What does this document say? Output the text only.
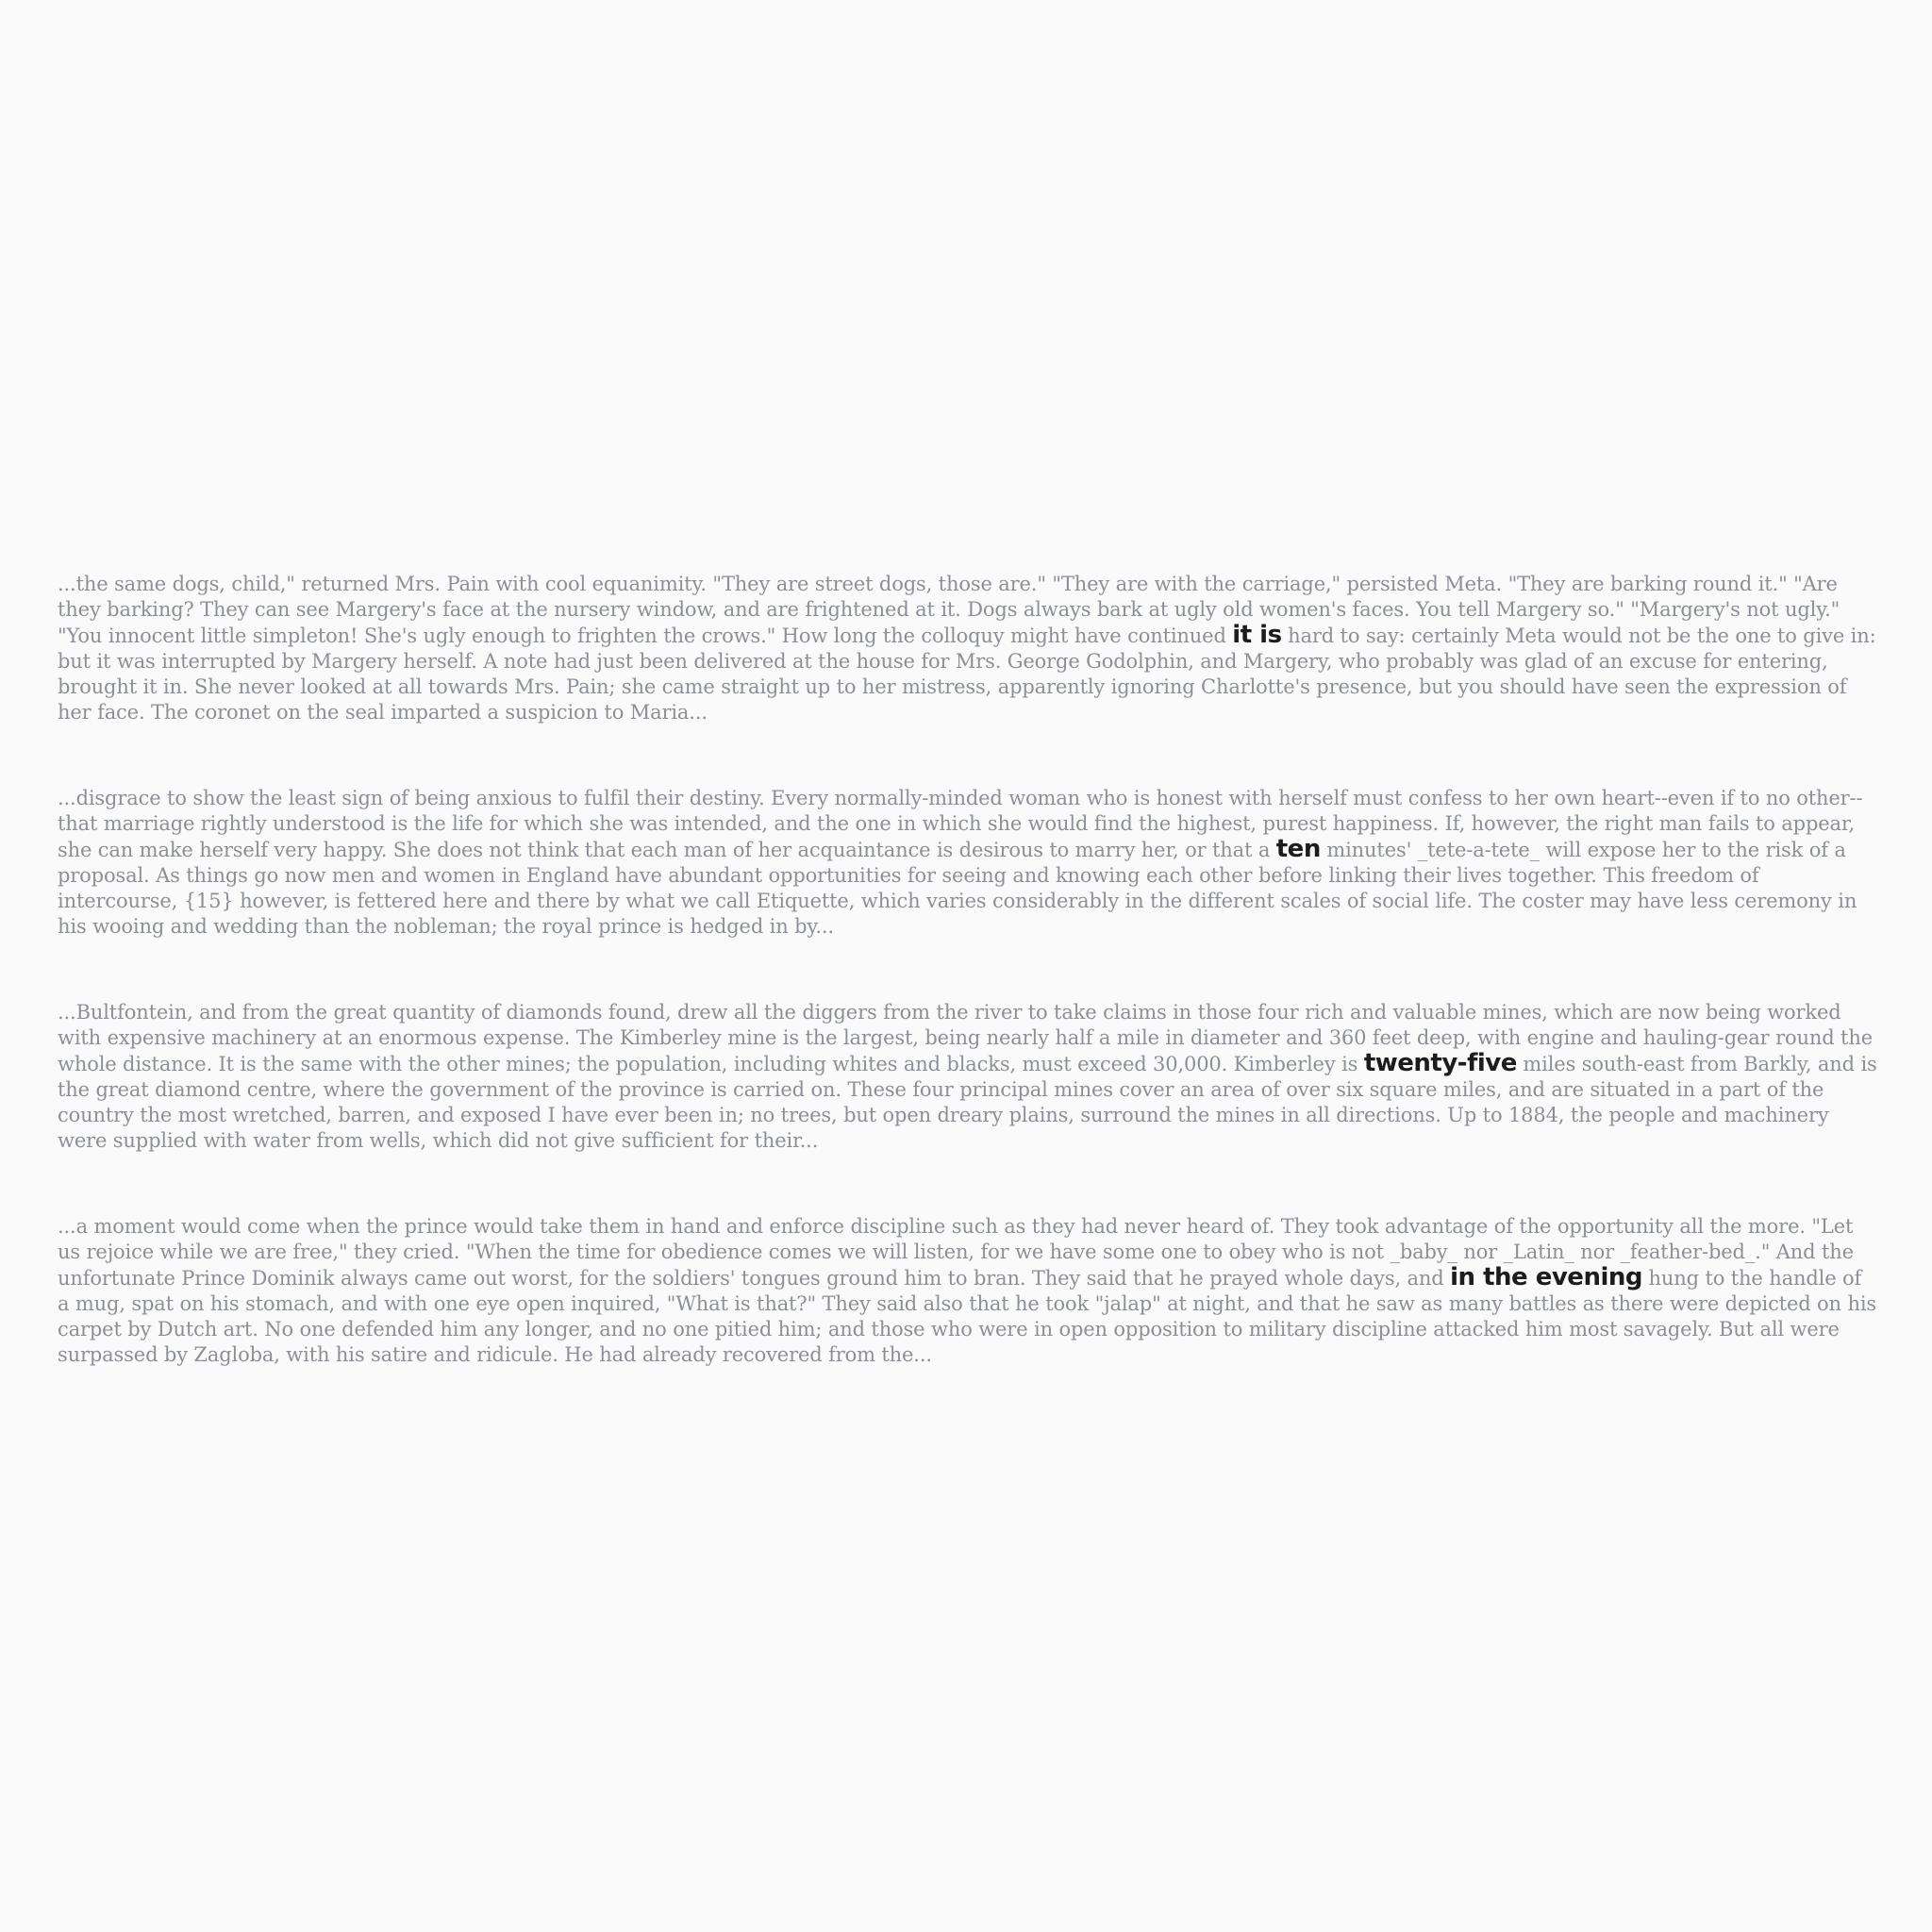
...the same dogs, child," returned Mrs. Pain with cool equanimity. "They are street dogs, those are." "They are with the carriage," persisted Meta. "They are barking round it." "Are they barking? They can see Margery's face at the nursery window, and are frightened at it. Dogs always bark at ugly old women's faces. You tell Margery so." "Margery's not ugly." "You innocent little simpleton! She's ugly enough to frighten the crows." How long the colloquy might have continued it is hard to say: certainly Meta would not be the one to give in: but it was interrupted by Margery herself. A note had just been delivered at the house for Mrs. George Godolphin, and Margery, who probably was glad of an excuse for entering, brought it in. She never looked at all towards Mrs. Pain; she came straight up to her mistress, apparently ignoring Charlotte's presence, but you should have seen the expression of her face. The coronet on the seal imparted a suspicion to Maria...

...disgrace to show the least sign of being anxious to fulfil their destiny. Every normally-minded woman who is honest with herself must confess to her own heart--even if to no other--that marriage rightly understood is the life for which she was intended, and the one in which she would find the highest, purest happiness. If, however, the right man fails to appear, she can make herself very happy. She does not think that each man of her acquaintance is desirous to marry her, or that a ten minutes' _tete-a-tete_ will expose her to the risk of a proposal. As things go now men and women in England have abundant opportunities for seeing and knowing each other before linking their lives together. This freedom of intercourse, {15} however, is fettered here and there by what we call Etiquette, which varies considerably in the different scales of social life. The coster may have less ceremony in his wooing and wedding than the nobleman; the royal prince is hedged in by...

...Bultfontein, and from the great quantity of diamonds found, drew all the diggers from the river to take claims in those four rich and valuable mines, which are now being worked with expensive machinery at an enormous expense. The Kimberley mine is the largest, being nearly half a mile in diameter and 360 feet deep, with engine and hauling-gear round the whole distance. It is the same with the other mines; the population, including whites and blacks, must exceed 30,000. Kimberley is twenty-five miles south-east from Barkly, and is the great diamond centre, where the government of the province is carried on. These four principal mines cover an area of over six square miles, and are situated in a part of the country the most wretched, barren, and exposed I have ever been in; no trees, but open dreary plains, surround the mines in all directions. Up to 1884, the people and machinery were supplied with water from wells, which did not give sufficient for their...

...a moment would come when the prince would take them in hand and enforce discipline such as they had never heard of. They took advantage of the opportunity all the more. "Let us rejoice while we are free," they cried. "When the time for obedience comes we will listen, for we have some one to obey who is not _baby_ nor _Latin_ nor _feather-bed_." And the unfortunate Prince Dominik always came out worst, for the soldiers' tongues ground him to bran. They said that he prayed whole days, and in the evening hung to the handle of a mug, spat on his stomach, and with one eye open inquired, "What is that?" They said also that he took "jalap" at night, and that he saw as many battles as there were depicted on his carpet by Dutch art. No one defended him any longer, and no one pitied him; and those who were in open opposition to military discipline attacked him most savagely. But all were surpassed by Zagloba, with his satire and ridicule. He had already recovered from the...
